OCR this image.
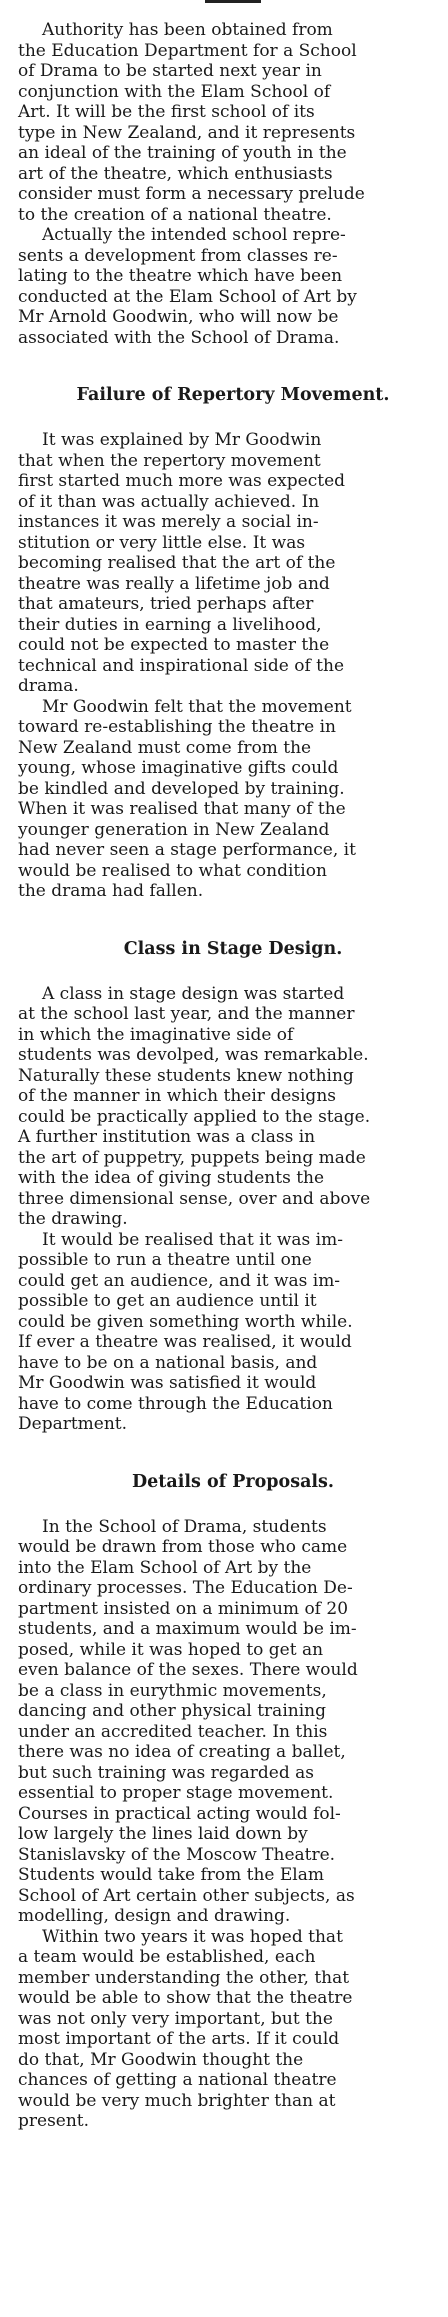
Authority has been obtained from
the Education Department for a School
of Drama to be started next year in
conjunction with the Elam School of
Art. It will be the first school of its
type in New Zealand, and it represents
an ideal of the training of youth in the
art of the theatre, which enthusiasts
consider must form a necessary prelude
to the creation of a national theatre.

Actually the intended school repre-
sents a development from classes re-
lating to the theatre which have been
conducted at the Elam School of Art by
Mr Arnold Goodwin, who will now be
associated with the School of Drama.

Failure of Repertory Movement.

It was explained by Mr Goodwin
that when the repertory movement
first started much more was expected
of it than was actually achieved. In
instances it was merely a social in-
stitution or very little else. It was
becoming realised that the art of the
theatre was really a lifetime job and
that amateurs, tried perhaps after
their duties in earning a livelihood,
could not be expected to master the
technical and inspirational side of the
drama.

Mr Goodwin felt that the movement
toward re-establishing the theatre in
New Zealand must come from the
young, whose imaginative gifts could
be kindled and developed by training.
When it was realised that many of the
younger generation in New Zealand
had never seen a stage performance, it
would be realised to what condition
the drama had fallen.

Class in Stage Design.

A class in stage design was started
at the school last year, and the manner
in which the imaginative side of
students was devolped, was remarkable.
Naturally these students knew nothing
of the manner in which their designs
could be practically applied to the stage.
A further institution was a class in
the art of puppetry, puppets being made
with the idea of giving students the
three dimensional sense, over and above
the drawing.

It would be realised that it was im-
possible to run a theatre until one
could get an audience, and it was im-
possible to get an audience until it
could be given something worth while.
If ever a theatre was realised, it would
have to be on a national basis, and
Mr Goodwin was satisfied it would
have to come through the Education
Department.

Details of Proposals.

In the School of Drama, students
would be drawn from those who came
into the Elam School of Art by the
ordinary processes. The Education De-
partment insisted on a minimum of 20
students, and a maximum would be im-
posed, while it was hoped to get an
even balance of the sexes. There would
be a class in eurythmic movements,
dancing and other physical training
under an accredited teacher. In this
there was no idea of creating a ballet,
but such training was regarded as
essential to proper stage movement.
Courses in practical acting would fol-
low largely the lines laid down by
Stanislavsky of the Moscow Theatre.
Students would take from the Elam
School of Art certain other subjects, as
modelling, design and drawing.

Within two years it was hoped that
a team would be established, each
member understanding the other, that
would be able to show that the theatre
was not only very important, but the
most important of the arts. If it could
do that, Mr Goodwin thought the
chances of getting a national theatre
would be very much brighter than at
present.
